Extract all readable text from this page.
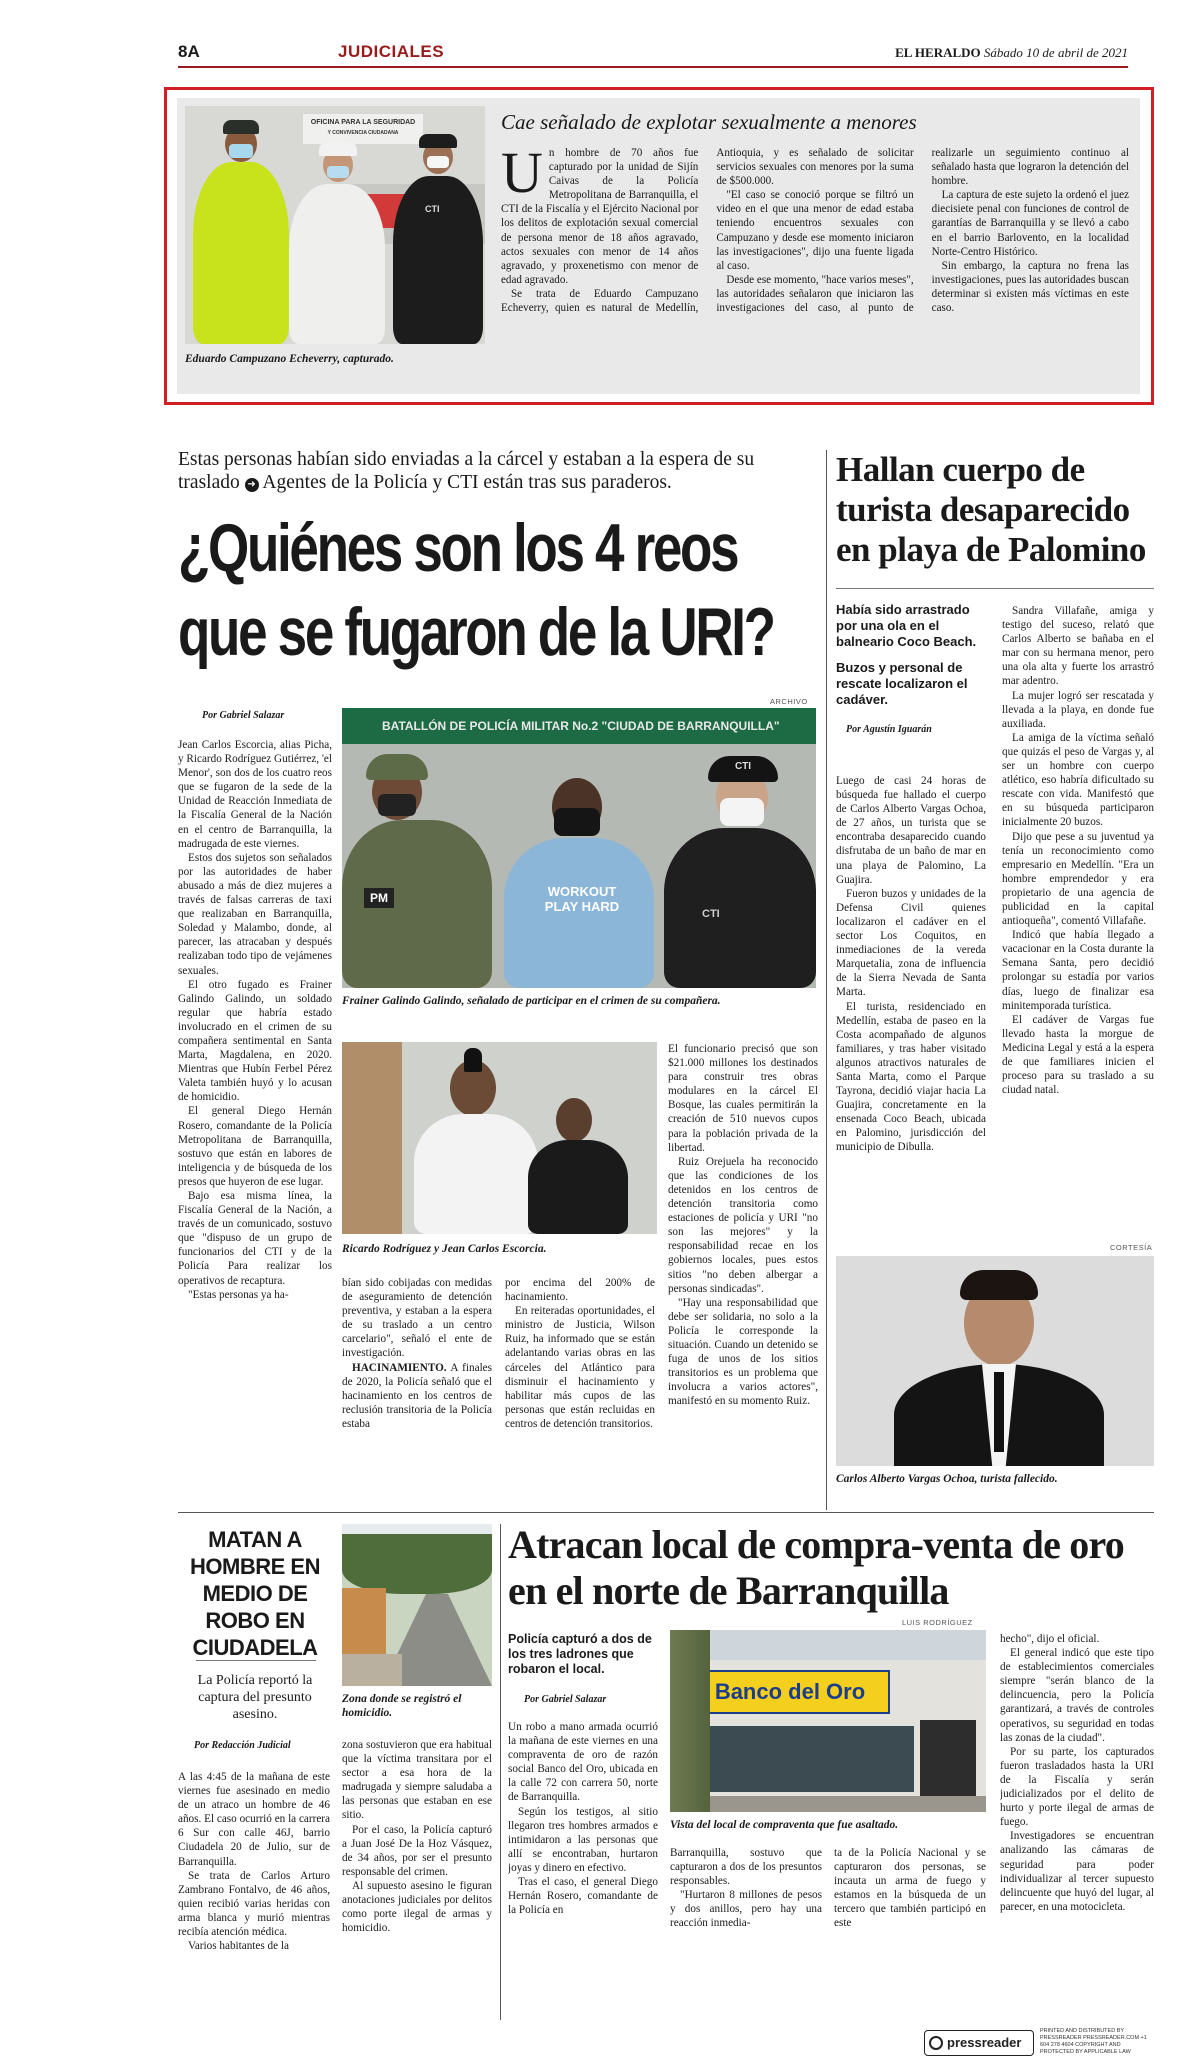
8A	JUDICIALES	EL HERALDO Sábado 10 de abril de 2021
OFICINA PARA LA SEGURIDAD
Y CONVIVENCIA CIUDADANA
CTI
Eduardo Campuzano Echeverry, capturado.
Cae señalado de explotar sexualmente a menores

Un hombre de 70 años fue capturado por la unidad de Sijín Caivas de la Policía Metropolitana de Barranquilla, el CTI de la Fiscalía y el Ejército Nacional por los delitos de explotación sexual comercial de persona menor de 18 años agravado, actos sexuales con menor de 14 años agravado, y proxenetismo con menor de edad agravado.

Se trata de Eduardo Campuzano Echeverry, quien es natural de Medellín, Antioquia, y es señalado de solicitar servicios sexuales con menores por la suma de $500.000.

"El caso se conoció porque se filtró un video en el que una menor de edad estaba teniendo encuentros sexuales con Campuzano y desde ese momento iniciaron las investigaciones", dijo una fuente ligada al caso.

Desde ese momento, "hace varios meses", las autoridades señalaron que iniciaron las investigaciones del caso, al punto de realizarle un seguimiento continuo al señalado hasta que lograron la detención del hombre.

La captura de este sujeto la ordenó el juez diecisiete penal con funciones de control de garantías de Barranquilla y se llevó a cabo en el barrio Barlovento, en la localidad Norte-Centro Histórico.

Sin embargo, la captura no frena las investigaciones, pues las autoridades buscan determinar si existen más víctimas en este caso.

Estas personas habían sido enviadas a la cárcel y estaban a la espera de su traslado ➜ Agentes de la Policía y CTI están tras sus paraderos.
¿Quiénes son los 4 reos
que se fugaron de la URI?
Por Gabriel Salazar
ARCHIVO
BATALLÓN DE POLICÍA MILITAR No.2 "CIUDAD DE BARRANQUILLA"
PM	WORKOUT
PLAY HARD
CTI
CTI
Frainer Galindo Galindo, señalado de participar en el crimen de su compañera.

Jean Carlos Escorcia, alias Picha, y Ricardo Rodríguez Gutiérrez, 'el Menor', son dos de los cuatro reos que se fugaron de la sede de la Unidad de Reacción Inmediata de la Fiscalía General de la Nación en el centro de Barranquilla, la madrugada de este viernes.

Estos dos sujetos son señalados por las autoridades de haber abusado a más de diez mujeres a través de falsas carreras de taxi que realizaban en Barranquilla, Soledad y Malambo, donde, al parecer, las atracaban y después realizaban todo tipo de vejámenes sexuales.

El otro fugado es Frainer Galindo Galindo, un soldado regular que habría estado involucrado en el crimen de su compañera sentimental en Santa Marta, Magdalena, en 2020. Mientras que Hubín Ferbel Pérez Valeta también huyó y lo acusan de homicidio.

El general Diego Hernán Rosero, comandante de la Policía Metropolitana de Barranquilla, sostuvo que están en labores de inteligencia y de búsqueda de los presos que huyeron de ese lugar.

Bajo esa misma línea, la Fiscalía General de la Nación, a través de un comunicado, sostuvo que "dispuso de un grupo de funcionarios del CTI y de la Policía Para realizar los operativos de recaptura.

"Estas personas ya ha-

Ricardo Rodríguez y Jean Carlos Escorcia.

bían sido cobijadas con medidas de aseguramiento de detención preventiva, y estaban a la espera de su traslado a un centro carcelario", señaló el ente de investigación.

HACINAMIENTO. A finales de 2020, la Policía señaló que el hacinamiento en los centros de reclusión transitoria de la Policía estaba

por encima del 200% de hacinamiento.

En reiteradas oportunidades, el ministro de Justicia, Wilson Ruiz, ha informado que se están adelantando varias obras en las cárceles del Atlántico para disminuir el hacinamiento y habilitar más cupos de las personas que están recluidas en centros de detención transitorios.

El funcionario precisó que son $21.000 millones los destinados para construir tres obras modulares en la cárcel El Bosque, las cuales permitirán la creación de 510 nuevos cupos para la población privada de la libertad.

Ruiz Orejuela ha reconocido que las condiciones de los detenidos en los centros de detención transitoria como estaciones de policía y URI "no son las mejores" y la responsabilidad recae en los gobiernos locales, pues estos sitios "no deben albergar a personas sindicadas".

"Hay una responsabilidad que debe ser solidaria, no solo a la Policía le corresponde la situación. Cuando un detenido se fuga de unos de los sitios transitorios es un problema que involucra a varios actores", manifestó en su momento Ruiz.

Hallan cuerpo de turista desaparecido en playa de Palomino
Había sido arrastrado por una ola en el balneario Coco Beach.
Buzos y personal de rescate localizaron el cadáver.
Por Agustín Iguarán

Luego de casi 24 horas de búsqueda fue hallado el cuerpo de Carlos Alberto Vargas Ochoa, de 27 años, un turista que se encontraba desaparecido cuando disfrutaba de un baño de mar en una playa de Palomino, La Guajira.

Fueron buzos y unidades de la Defensa Civil quienes localizaron el cadáver en el sector Los Coquitos, en inmediaciones de la vereda Marquetalia, zona de influencia de la Sierra Nevada de Santa Marta.

El turista, residenciado en Medellín, estaba de paseo en la Costa acompañado de algunos familiares, y tras haber visitado algunos atractivos naturales de Santa Marta, como el Parque Tayrona, decidió viajar hacia La Guajira, concretamente en la ensenada Coco Beach, ubicada en Palomino, jurisdicción del municipio de Dibulla.

Sandra Villafañe, amiga y testigo del suceso, relató que Carlos Alberto se bañaba en el mar con su hermana menor, pero una ola alta y fuerte los arrastró mar adentro.

La mujer logró ser rescatada y llevada a la playa, en donde fue auxiliada.

La amiga de la víctima señaló que quizás el peso de Vargas y, al ser un hombre con cuerpo atlético, eso habría dificultado su rescate con vida. Manifestó que en su búsqueda participaron inicialmente 20 buzos.

Dijo que pese a su juventud ya tenía un reconocimiento como empresario en Medellín. "Era un hombre emprendedor y era propietario de una agencia de publicidad en la capital antioqueña", comentó Villafañe.

Indicó que había llegado a vacacionar en la Costa durante la Semana Santa, pero decidió prolongar su estadía por varios días, luego de finalizar esa minitemporada turística.

El cadáver de Vargas fue llevado hasta la morgue de Medicina Legal y está a la espera de que familiares inicien el proceso para su traslado a su ciudad natal.

CORTESÍA
Carlos Alberto Vargas Ochoa, turista fallecido.
MATAN A HOMBRE EN MEDIO DE ROBO EN CIUDADELA
La Policía reportó la captura del presunto asesino.
Por Redacción Judicial

A las 4:45 de la mañana de este viernes fue asesinado en medio de un atraco un hombre de 46 años. El caso ocurrió en la carrera 6 Sur con calle 46J, barrio Ciudadela 20 de Julio, sur de Barranquilla.

Se trata de Carlos Arturo Zambrano Fontalvo, de 46 años, quien recibió varias heridas con arma blanca y murió mientras recibía atención médica.

Varios habitantes de la

Zona donde se registró el homicidio.

zona sostuvieron que era habitual que la víctima transitara por el sector a esa hora de la madrugada y siempre saludaba a las personas que estaban en ese sitio.

Por el caso, la Policía capturó a Juan José De la Hoz Vásquez, de 34 años, por ser el presunto responsable del crimen.

Al supuesto asesino le figuran anotaciones judiciales por delitos como porte ilegal de armas y homicidio.

Atracan local de compra-venta de oro en el norte de Barranquilla
LUIS RODRÍGUEZ
Policía capturó a dos de los tres ladrones que robaron el local.
Por Gabriel Salazar

Un robo a mano armada ocurrió la mañana de este viernes en una compraventa de oro de razón social Banco del Oro, ubicada en la calle 72 con carrera 50, norte de Barranquilla.

Según los testigos, al sitio llegaron tres hombres armados e intimidaron a las personas que allí se encontraban, hurtaron joyas y dinero en efectivo.

Tras el caso, el general Diego Hernán Rosero, comandante de la Policía en

Banco del Oro
Vista del local de compraventa que fue asaltado.

Barranquilla, sostuvo que capturaron a dos de los presuntos responsables.

"Hurtaron 8 millones de pesos y dos anillos, pero hay una reacción inmedia-

ta de la Policía Nacional y se capturaron dos personas, se incauta un arma de fuego y estamos en la búsqueda de un tercero que también participó en este

hecho", dijo el oficial.

El general indicó que este tipo de establecimientos comerciales siempre "serán blanco de la delincuencia, pero la Policía garantizará, a través de controles operativos, su seguridad en todas las zonas de la ciudad".

Por su parte, los capturados fueron trasladados hasta la URI de la Fiscalía y serán judicializados por el delito de hurto y porte ilegal de armas de fuego.

Investigadores se encuentran analizando las cámaras de seguridad para poder individualizar al tercer supuesto delincuente que huyó del lugar, al parecer, en una motocicleta.

pressreader
PRINTED AND DISTRIBUTED BY PRESSREADER PRESSREADER.COM +1 604 278 4604 COPYRIGHT AND PROTECTED BY APPLICABLE LAW
